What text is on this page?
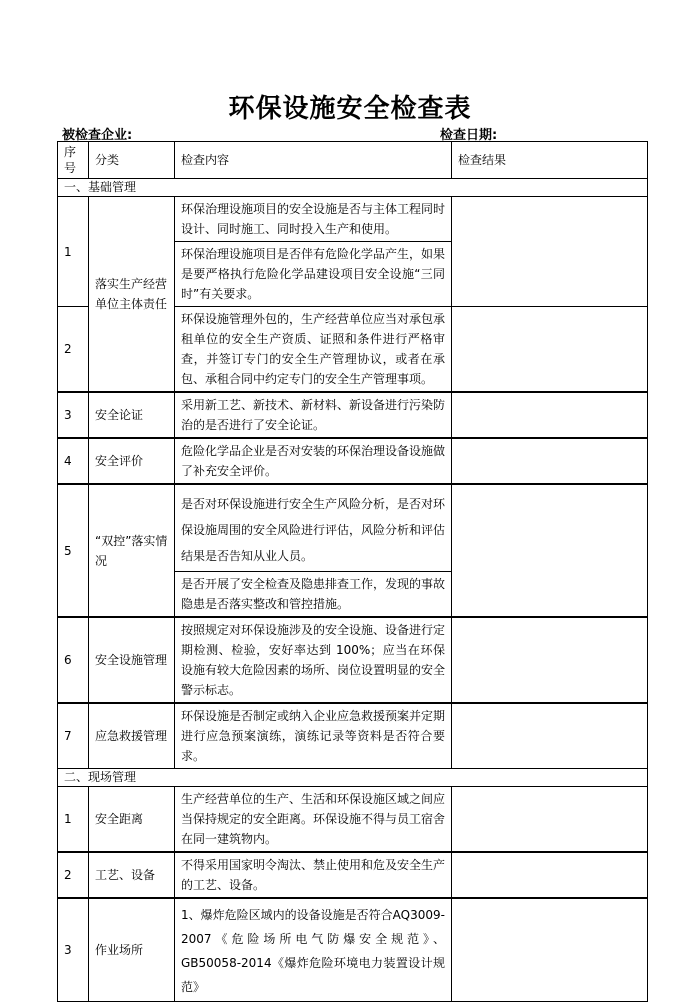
环保设施安全检查表
被检查企业:	检查日期:
序号	分类	检查内容	检查结果
一、基础管理			
1	落实生产经营单位主体责任	环保治理设施项目的安全设施是否与主体工程同时设计、同时施工、同时投入生产和使用。	

		环保治理设施项目是否伴有危险化学品产生，如果是要严格执行危险化学品建设项目安全设施“三同时”有关要求。	

2		环保设施管理外包的，生产经营单位应当对承包承租单位的安全生产资质、证照和条件进行严格审查，并签订专门的安全生产管理协议，或者在承包、承租合同中约定专门的安全生产管理事项。	
3	安全论证	采用新工艺、新技术、新材料、新设备进行污染防治的是否进行了安全论证。	
4	安全评价	危险化学品企业是否对安装的环保治理设备设施做了补充安全评价。	
5	“双控”落实情况	是否对环保设施进行安全生产风险分析，是否对环保设施周围的安全风险进行评估，风险分析和评估结果是否告知从业人员。	
		是否开展了安全检查及隐患排查工作，发现的事故隐患是否落实整改和管控措施。	
6	安全设施管理	按照规定对环保设施涉及的安全设施、设备进行定期检测、检验，安好率达到 100%；应当在环保设施有较大危险因素的场所、岗位设置明显的安全警示标志。	
7	应急救援管理	环保设施是否制定或纳入企业应急救援预案并定期进行应急预案演练，演练记录等资料是否符合要求。	
二、现场管理			
1	安全距离	生产经营单位的生产、生活和环保设施区域之间应当保持规定的安全距离。环保设施不得与员工宿舍在同一建筑物内。	
2	工艺、设备	不得采用国家明令淘汰、禁止使用和危及安全生产的工艺、设备。	
3	作业场所	1、爆炸危险区域内的设备设施是否符合AQ3009-2007《危险场所电气防爆安全规范》、GB50058-2014《爆炸危险环境电力装置设计规范》	
